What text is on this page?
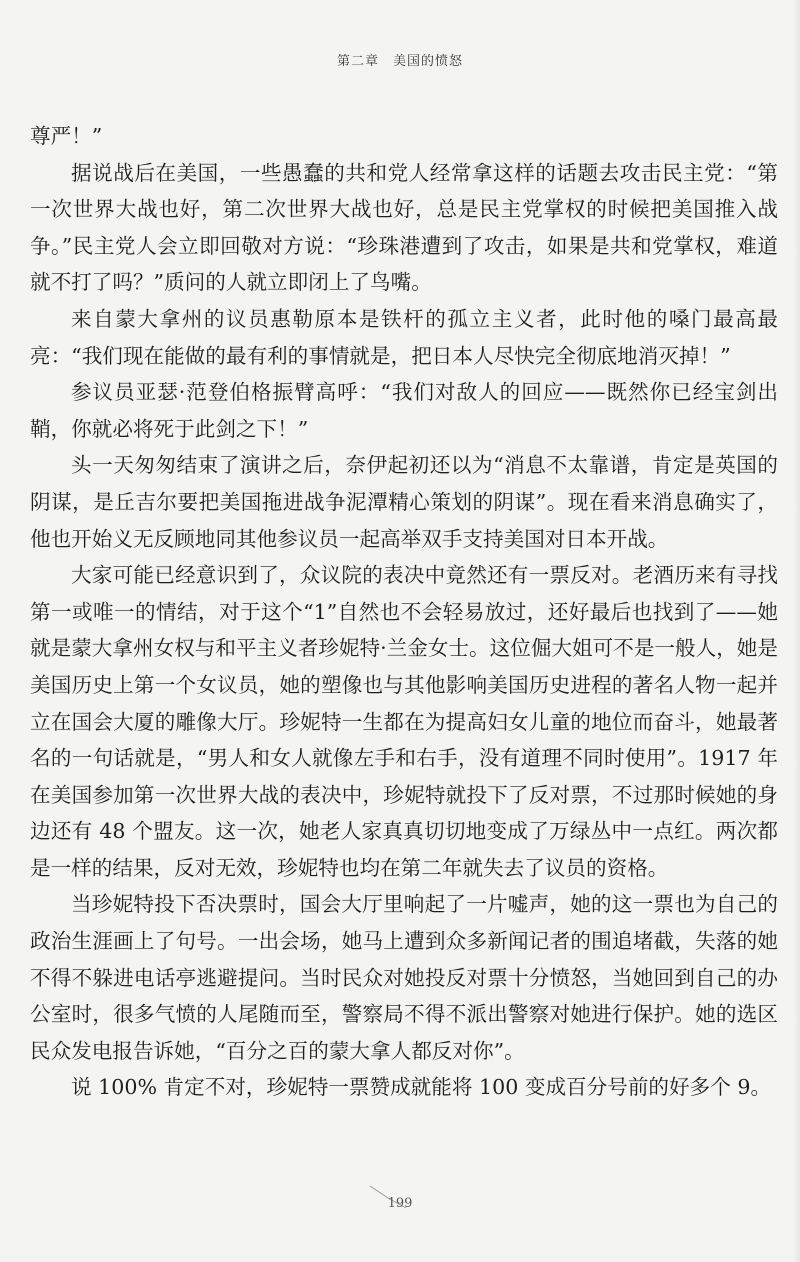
第二章　美国的愤怒

尊严！”

据说战后在美国，一些愚蠢的共和党人经常拿这样的话题去攻击民主党：“第一次世界大战也好，第二次世界大战也好，总是民主党掌权的时候把美国推入战争。”民主党人会立即回敬对方说：“珍珠港遭到了攻击，如果是共和党掌权，难道就不打了吗？”质问的人就立即闭上了鸟嘴。

来自蒙大拿州的议员惠勒原本是铁杆的孤立主义者，此时他的嗓门最高最亮：“我们现在能做的最有利的事情就是，把日本人尽快完全彻底地消灭掉！”

参议员亚瑟·范登伯格振臂高呼：“我们对敌人的回应——既然你已经宝剑出鞘，你就必将死于此剑之下！”

头一天匆匆结束了演讲之后，奈伊起初还以为“消息不太靠谱，肯定是英国的阴谋，是丘吉尔要把美国拖进战争泥潭精心策划的阴谋”。现在看来消息确实了，他也开始义无反顾地同其他参议员一起高举双手支持美国对日本开战。

大家可能已经意识到了，众议院的表决中竟然还有一票反对。老酒历来有寻找第一或唯一的情结，对于这个“1”自然也不会轻易放过，还好最后也找到了——她就是蒙大拿州女权与和平主义者珍妮特·兰金女士。这位倔大姐可不是一般人，她是美国历史上第一个女议员，她的塑像也与其他影响美国历史进程的著名人物一起并立在国会大厦的雕像大厅。珍妮特一生都在为提高妇女儿童的地位而奋斗，她最著名的一句话就是，“男人和女人就像左手和右手，没有道理不同时使用”。1917 年在美国参加第一次世界大战的表决中，珍妮特就投下了反对票，不过那时候她的身边还有 48 个盟友。这一次，她老人家真真切切地变成了万绿丛中一点红。两次都是一样的结果，反对无效，珍妮特也均在第二年就失去了议员的资格。

当珍妮特投下否决票时，国会大厅里响起了一片嘘声，她的这一票也为自己的政治生涯画上了句号。一出会场，她马上遭到众多新闻记者的围追堵截，失落的她不得不躲进电话亭逃避提问。当时民众对她投反对票十分愤怒，当她回到自己的办公室时，很多气愤的人尾随而至，警察局不得不派出警察对她进行保护。她的选区民众发电报告诉她，“百分之百的蒙大拿人都反对你”。

说 100% 肯定不对，珍妮特一票赞成就能将 100 变成百分号前的好多个 9。

199
